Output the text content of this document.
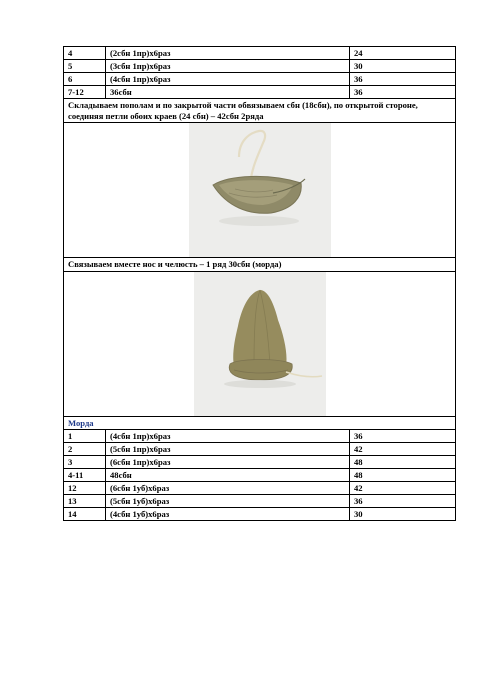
4	(2сбн 1пр)х6раз	24
5	(3сбн 1пр)х6раз	30
6	(4сбн 1пр)х6раз	36
7-12	36сбн	36
Складываем пополам и по закрытой части обвязываем сбн (18сбн), по открытой стороне, соединяя петли обоих краев (24 сбн) – 42сбн 2ряда		

Связываем вместе нос и челюсть – 1 ряд 30сбн (морда)		

Морда		
1	(4сбн 1пр)х6раз	36
2	(5сбн 1пр)х6раз	42
3	(6сбн 1пр)х6раз	48
4-11	48сбн	48
12	(6сбн 1уб)х6раз	42
13	(5сбн 1уб)х6раз	36
14	(4сбн 1уб)х6раз	30
